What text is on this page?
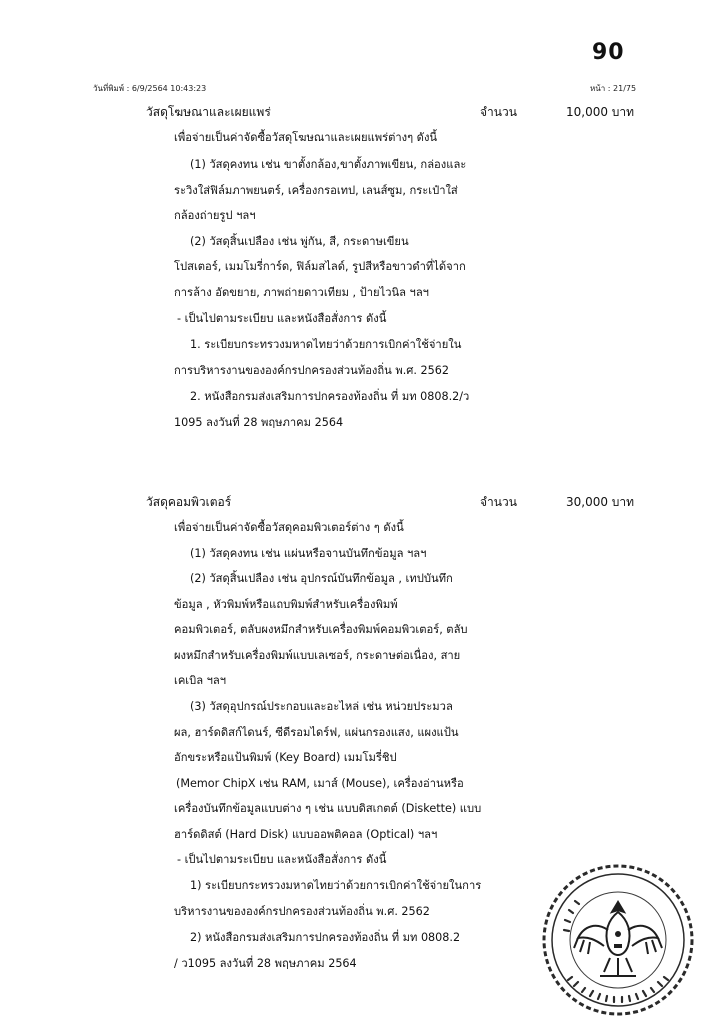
90
วันที่พิมพ์ : 6/9/2564 10:43:23	หน้า : 21/75
วัสดุโฆษณาและเผยแพร่	จำนวน	10,000 บาท
เพื่อจ่ายเป็นค่าจัดซื้อวัสดุโฆษณาและเผยแพร่ต่างๆ ดังนี้
(1) วัสดุคงทน เช่น ขาตั้งกล้อง,ขาตั้งภาพเขียน, กล่องและ
ระวิงใส่ฟิล์มภาพยนตร์, เครื่องกรอเทป, เลนส์ซูม, กระเป๋าใส่
กล้องถ่ายรูป ฯลฯ
(2) วัสดุสิ้นเปลือง เช่น พู่กัน, สี, กระดาษเขียน
โปสเตอร์, เมมโมรี่การ์ด, ฟิล์มสไลด์, รูปสีหรือขาวดำที่ได้จาก
การล้าง อัดขยาย, ภาพถ่ายดาวเทียม , ป้ายไวนิล ฯลฯ
- เป็นไปตามระเบียบ และหนังสือสั่งการ ดังนี้
1. ระเบียบกระทรวงมหาดไทยว่าด้วยการเบิกค่าใช้จ่ายใน
การบริหารงานขององค์กรปกครองส่วนท้องถิ่น พ.ศ. 2562
2. หนังสือกรมส่งเสริมการปกครองท้องถิ่น ที่ มท 0808.2/ว
1095 ลงวันที่ 28 พฤษภาคม 2564
วัสดุคอมพิวเตอร์	จำนวน	30,000 บาท
เพื่อจ่ายเป็นค่าจัดซื้อวัสดุคอมพิวเตอร์ต่าง ๆ ดังนี้
(1) วัสดุคงทน เช่น แผ่นหรือจานบันทึกข้อมูล ฯลฯ
(2) วัสดุสิ้นเปลือง เช่น อุปกรณ์บันทึกข้อมูล , เทปบันทึก
ข้อมูล , หัวพิมพ์หรือแถบพิมพ์สำหรับเครื่องพิมพ์
คอมพิวเตอร์, ตลับผงหมึกสำหรับเครื่องพิมพ์คอมพิวเตอร์, ตลับ
ผงหมึกสำหรับเครื่องพิมพ์แบบเลเซอร์, กระดาษต่อเนื่อง, สาย
เคเบิล ฯลฯ
(3) วัสดุอุปกรณ์ประกอบและอะไหล่ เช่น หน่วยประมวล
ผล, ฮาร์ดดิสก์ไดนร์, ซีดีรอมไดร์ฟ, แผ่นกรองแสง, แผงแป้น
อักขระหรือแป้นพิมพ์ (Key Board) เมมโมรี่ชิป
(Memor ChipX เช่น RAM, เมาส์ (Mouse), เครื่องอ่านหรือ
เครื่องบันทึกข้อมูลแบบต่าง ๆ เช่น แบบดิสเกตต์ (Diskette) แบบ
ฮาร์ดดิสต์ (Hard Disk) แบบออพติคอล (Optical) ฯลฯ
- เป็นไปตามระเบียบ และหนังสือสั่งการ ดังนี้
1) ระเบียบกระทรวงมหาดไทยว่าด้วยการเบิกค่าใช้จ่ายในการ
บริหารงานขององค์กรปกครองส่วนท้องถิ่น พ.ศ. 2562
2) หนังสือกรมส่งเสริมการปกครองท้องถิ่น ที่ มท 0808.2
/ ว1095 ลงวันที่ 28 พฤษภาคม 2564
